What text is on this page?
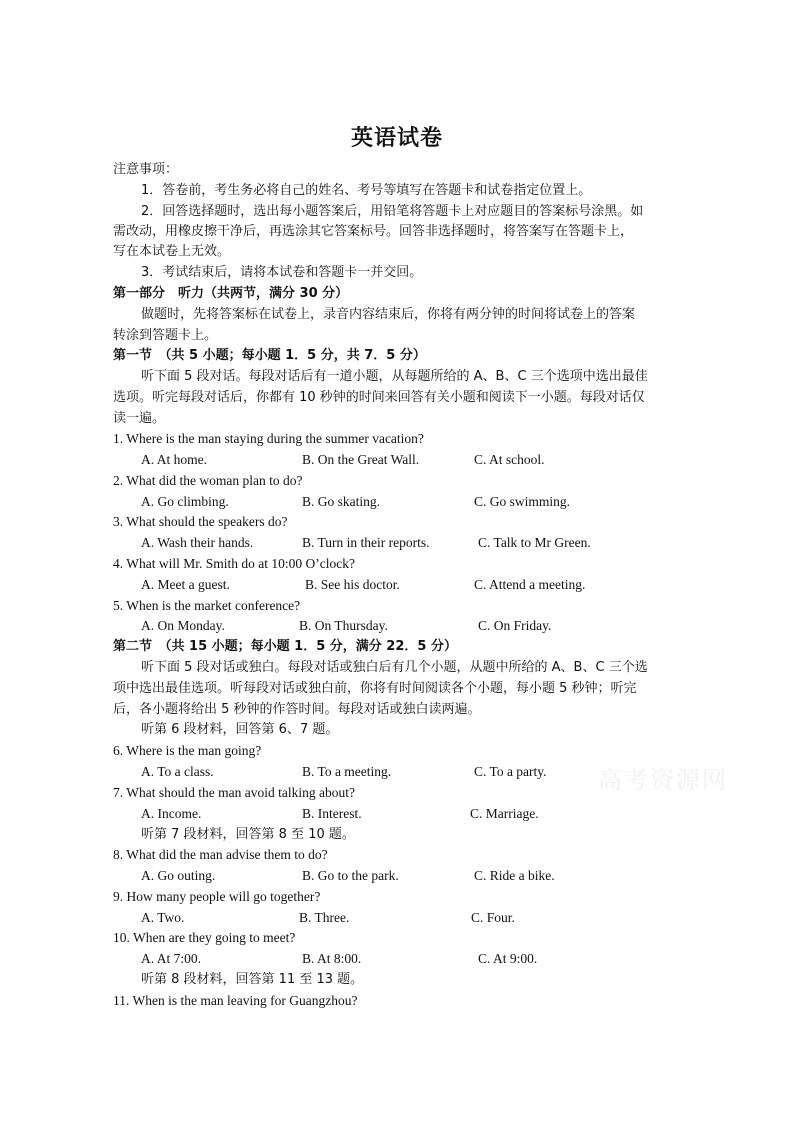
英语试卷
注意事项：
1．答卷前，考生务必将自己的姓名、考号等填写在答题卡和试卷指定位置上。
2．回答选择题时，选出每小题答案后，用铅笔将答题卡上对应题目的答案标号涂黑。如
需改动，用橡皮擦干净后，再选涂其它答案标号。回答非选择题时，将答案写在答题卡上，
写在本试卷上无效。
3．考试结束后，请将本试卷和答题卡一并交回。
第一部分　听力（共两节，满分 30 分）
做题时，先将答案标在试卷上，录音内容结束后，你将有两分钟的时间将试卷上的答案
转涂到答题卡上。
第一节　（共 5 小题；每小题 1．5 分，共 7．5 分）
听下面 5 段对话。每段对话后有一道小题，从每题所给的 A、B、C 三个选项中选出最佳
选项。听完每段对话后，你都有 10 秒钟的时间来回答有关小题和阅读下一小题。每段对话仅
读一遍。
1. Where is the man staying during the summer vacation?
A. At home.	B. On the Great Wall.	C. At school.
2. What did the woman plan to do?
A. Go climbing.	B. Go skating.	C. Go swimming.
3. What should the speakers do?
A. Wash their hands.	B. Turn in their reports.	C. Talk to Mr Green.
4. What will Mr. Smith do at 10:00 O’clock?
A. Meet a guest.	B. See his doctor.	C. Attend a meeting.
5. When is the market conference?
A. On Monday.	B. On Thursday.	C. On Friday.
第二节　（共 15 小题；每小题 1．5 分，满分 22．5 分）
听下面 5 段对话或独白。每段对话或独白后有几个小题，从题中所给的 A、B、C 三个选
项中选出最佳选项。听每段对话或独白前，你将有时间阅读各个小题，每小题 5 秒钟；听完
后，各小题将给出 5 秒钟的作答时间。每段对话或独白读两遍。
听第 6 段材料，回答第 6、7 题。
6. Where is the man going?
A. To a class.	B. To a meeting.	C. To a party.
7. What should the man avoid talking about?
A. Income.	B. Interest.	C. Marriage.
听第 7 段材料，回答第 8 至 10 题。
8. What did the man advise them to do?
A. Go outing.	B. Go to the park.	C. Ride a bike.
9. How many people will go together?
A. Two.	B. Three.	C. Four.
10. When are they going to meet?
A. At 7:00.	B. At 8:00.	C. At 9:00.
听第 8 段材料，回答第 11 至 13 题。
11. When is the man leaving for Guangzhou?
高考资源网
